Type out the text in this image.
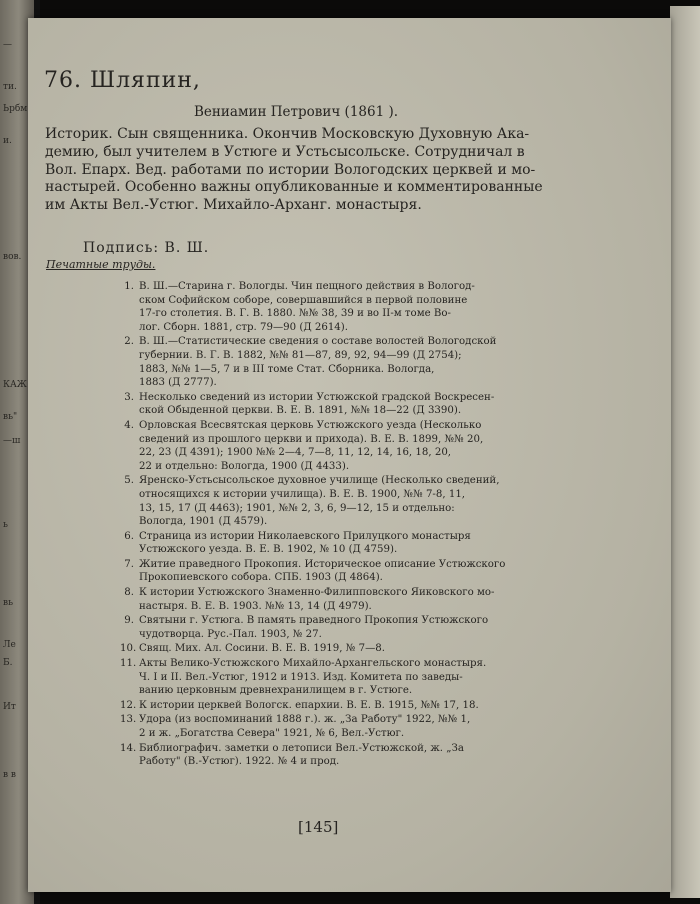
—
ти.
Ьрбм
и.
вов.
КАЖ
вь"
—ш
ь
вь
Ле
Б.
Ит
в в
76. Шляпин,
Вениамин Петрович (1861 ).
Историк. Сын священника. Окончив Московскую Духовную Ака-
демию, был учителем в Устюге и Устьсысольске. Сотрудничал в
Вол. Епарх. Вед. работами по истории Вологодских церквей и мо-
настырей. Особенно важны опубликованные и комментированные
им Акты Вел.-Устюг. Михайло-Арханг. монастыря.
Подпись: В. Ш.
Печатные труды.
1. В. Ш.—Старина г. Вологды. Чин пещного действия в Вологод-
ском Софийском соборе, совершавшийся в первой половине
17-го столетия. В. Г. В. 1880. №№ 38, 39 и во II-м томе Во-
лог. Сборн. 1881, стр. 79—90 (Д 2614).
2. В. Ш.—Статистические сведения о составе волостей Вологодской
губернии. В. Г. В. 1882, №№ 81—87, 89, 92, 94—99 (Д 2754);
1883, №№ 1—5, 7 и в III томе Стат. Сборника. Вологда,
1883 (Д 2777).
3. Несколько сведений из истории Устюжской градской Воскресен-
ской Обыденной церкви. В. Е. В. 1891, №№ 18—22 (Д 3390).
4. Орловская Всесвятская церковь Устюжского уезда (Несколько
сведений из прошлого церкви и прихода). В. Е. В. 1899, №№ 20,
22, 23 (Д 4391); 1900 №№ 2—4, 7—8, 11, 12, 14, 16, 18, 20,
22 и отдельно: Вологда, 1900 (Д 4433).
5. Яренско-Устьсысольское духовное училище (Несколько сведений,
относящихся к истории училища). В. Е. В. 1900, №№ 7-8, 11,
13, 15, 17 (Д 4463); 1901, №№ 2, 3, 6, 9—12, 15 и отдельно:
Вологда, 1901 (Д 4579).
6. Страница из истории Николаевского Прилуцкого монастыря
Устюжского уезда. В. Е. В. 1902, № 10 (Д 4759).
7. Житие праведного Прокопия. Историческое описание Устюжского
Прокопиевского собора. СПБ. 1903 (Д 4864).
8. К истории Устюжского Знаменно-Филипповского Яиковского мо-
настыря. В. Е. В. 1903. №№ 13, 14 (Д 4979).
9. Святыни г. Устюга. В память праведного Прокопия Устюжского
чудотворца. Рус.-Пал. 1903, № 27.
10. Свящ. Мих. Ал. Сосини. В. Е. В. 1919, № 7—8.
11. Акты Велико-Устюжского Михайло-Архангельского монастыря.
Ч. I и II. Вел.-Устюг, 1912 и 1913. Изд. Комитета по заведы-
ванию церковным древнехранилищем в г. Устюге.
12. К истории церквей Вологск. епархии. В. Е. В. 1915, №№ 17, 18.
13. Удора (из воспоминаний 1888 г.). ж. „За Работу" 1922, №№ 1,
2 и ж. „Богатства Севера" 1921, № 6, Вел.-Устюг.
14. Библиографич. заметки о летописи Вел.-Устюжской, ж. „За
Работу" (В.-Устюг). 1922. № 4 и прод.
[145]
